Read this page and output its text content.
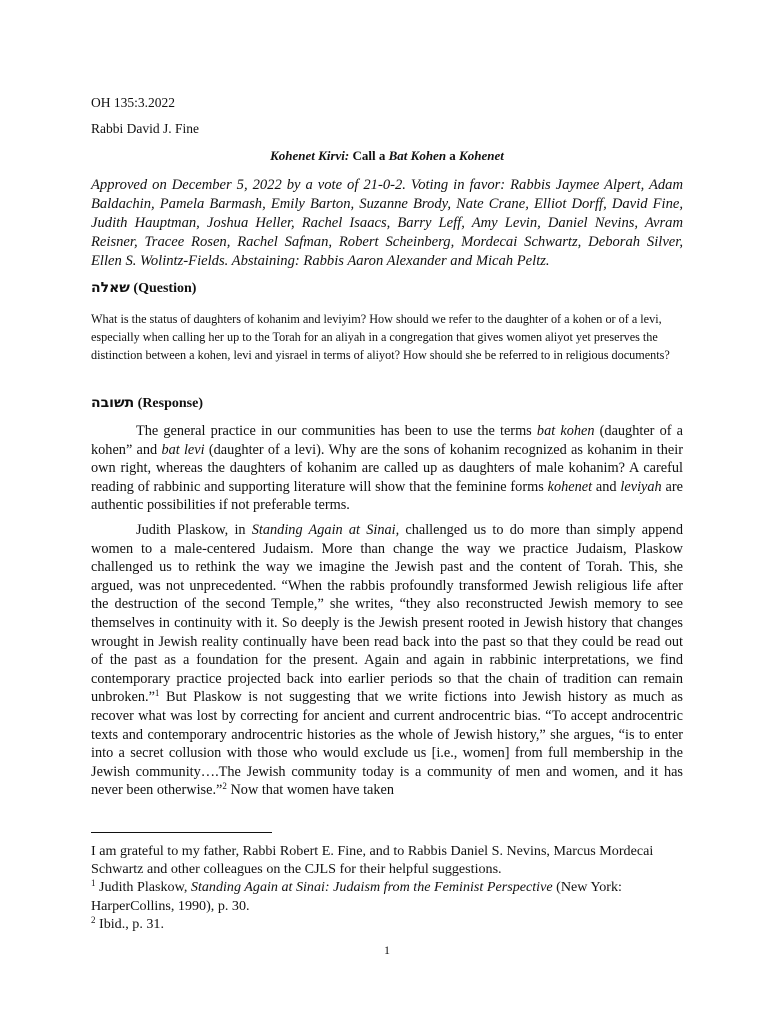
OH 135:3.2022
Rabbi David J. Fine
Kohenet Kirvi: Call a Bat Kohen a Kohenet
Approved on December 5, 2022 by a vote of 21-0-2. Voting in favor: Rabbis Jaymee Alpert, Adam Baldachin, Pamela Barmash, Emily Barton, Suzanne Brody, Nate Crane, Elliot Dorff, David Fine, Judith Hauptman, Joshua Heller, Rachel Isaacs, Barry Leff, Amy Levin, Daniel Nevins, Avram Reisner, Tracee Rosen, Rachel Safman, Robert Scheinberg, Mordecai Schwartz, Deborah Silver, Ellen S. Wolintz-Fields. Abstaining: Rabbis Aaron Alexander and Micah Peltz.
שאלה (Question)
What is the status of daughters of kohanim and leviyim? How should we refer to the daughter of a kohen or of a levi, especially when calling her up to the Torah for an aliyah in a congregation that gives women aliyot yet preserves the distinction between a kohen, levi and yisrael in terms of aliyot? How should she be referred to in religious documents?
תשובה (Response)

The general practice in our communities has been to use the terms bat kohen (daughter of a kohen” and bat levi (daughter of a levi). Why are the sons of kohanim recognized as kohanim in their own right, whereas the daughters of kohanim are called up as daughters of male kohanim? A careful reading of rabbinic and supporting literature will show that the feminine forms kohenet and leviyah are authentic possibilities if not preferable terms.

Judith Plaskow, in Standing Again at Sinai, challenged us to do more than simply append women to a male-centered Judaism. More than change the way we practice Judaism, Plaskow challenged us to rethink the way we imagine the Jewish past and the content of Torah. This, she argued, was not unprecedented. “When the rabbis profoundly transformed Jewish religious life after the destruction of the second Temple,” she writes, “they also reconstructed Jewish memory to see themselves in continuity with it. So deeply is the Jewish present rooted in Jewish history that changes wrought in Jewish reality continually have been read back into the past so that they could be read out of the past as a foundation for the present. Again and again in rabbinic interpretations, we find contemporary practice projected back into earlier periods so that the chain of tradition can remain unbroken.”$^1$ But Plaskow is not suggesting that we write fictions into Jewish history as much as recover what was lost by correcting for ancient and current androcentric bias. “To accept androcentric texts and contemporary androcentric histories as the whole of Jewish history,” she argues, “is to enter into a secret collusion with those who would exclude us [i.e., women] from full membership in the Jewish community….The Jewish community today is a community of men and women, and it has never been otherwise.”$^2$ Now that women have taken

I am grateful to my father, Rabbi Robert E. Fine, and to Rabbis Daniel S. Nevins, Marcus Mordecai Schwartz and other colleagues on the CJLS for their helpful suggestions.
$^1$ Judith Plaskow, Standing Again at Sinai: Judaism from the Feminist Perspective (New York: HarperCollins, 1990), p. 30.
$^2$ Ibid., p. 31.
1
